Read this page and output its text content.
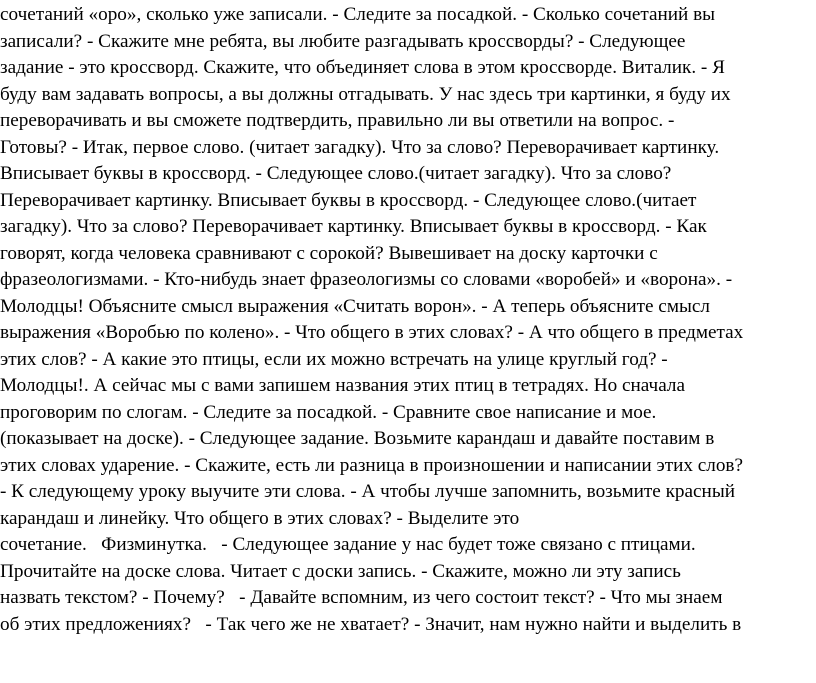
сочетаний «оро», сколько уже записали. - Следите за посадкой. - Сколько сочетаний вы
записали? - Скажите мне ребята, вы любите разгадывать кроссворды? - Следующее
задание - это кроссворд. Скажите, что объединяет слова в этом кроссворде. Виталик. - Я
буду вам задавать вопросы, а вы должны отгадывать. У нас здесь три картинки, я буду их
переворачивать и вы сможете подтвердить, правильно ли вы ответили на вопрос. -
Готовы? - Итак, первое слово. (читает загадку). Что за слово? Переворачивает картинку.
Вписывает буквы в кроссворд. - Следующее слово.(читает загадку). Что за слово?
Переворачивает картинку. Вписывает буквы в кроссворд. - Следующее слово.(читает
загадку). Что за слово? Переворачивает картинку. Вписывает буквы в кроссворд. - Как
говорят, когда человека сравнивают с сорокой? Вывешивает на доску карточки с
фразеологизмами. - Кто-нибудь знает фразеологизмы со словами «воробей» и «ворона». -
Молодцы! Объясните смысл выражения «Считать ворон». - А теперь объясните смысл
выражения «Воробью по колено». - Что общего в этих словах? - А что общего в предметах
этих слов? - А какие это птицы, если их можно встречать на улице круглый год? -
Молодцы!. А сейчас мы с вами запишем названия этих птиц в тетрадях. Но сначала
проговорим по слогам. - Следите за посадкой. - Сравните свое написание и мое.
(показывает на доске). - Следующее задание. Возьмите карандаш и давайте поставим в
этих словах ударение. - Скажите, есть ли разница в произношении и написании этих слов?
- К следующему уроку выучите эти слова. - А чтобы лучше запомнить, возьмите красный
карандаш и линейку. Что общего в этих словах? - Выделите это
сочетание.   Физминутка.   - Следующее задание у нас будет тоже связано с птицами.
Прочитайте на доске слова. Читает с доски запись. - Скажите, можно ли эту запись
назвать текстом? - Почему?   - Давайте вспомним, из чего состоит текст? - Что мы знаем
об этих предложениях?   - Так чего же не хватает? - Значит, нам нужно найти и выделить в
